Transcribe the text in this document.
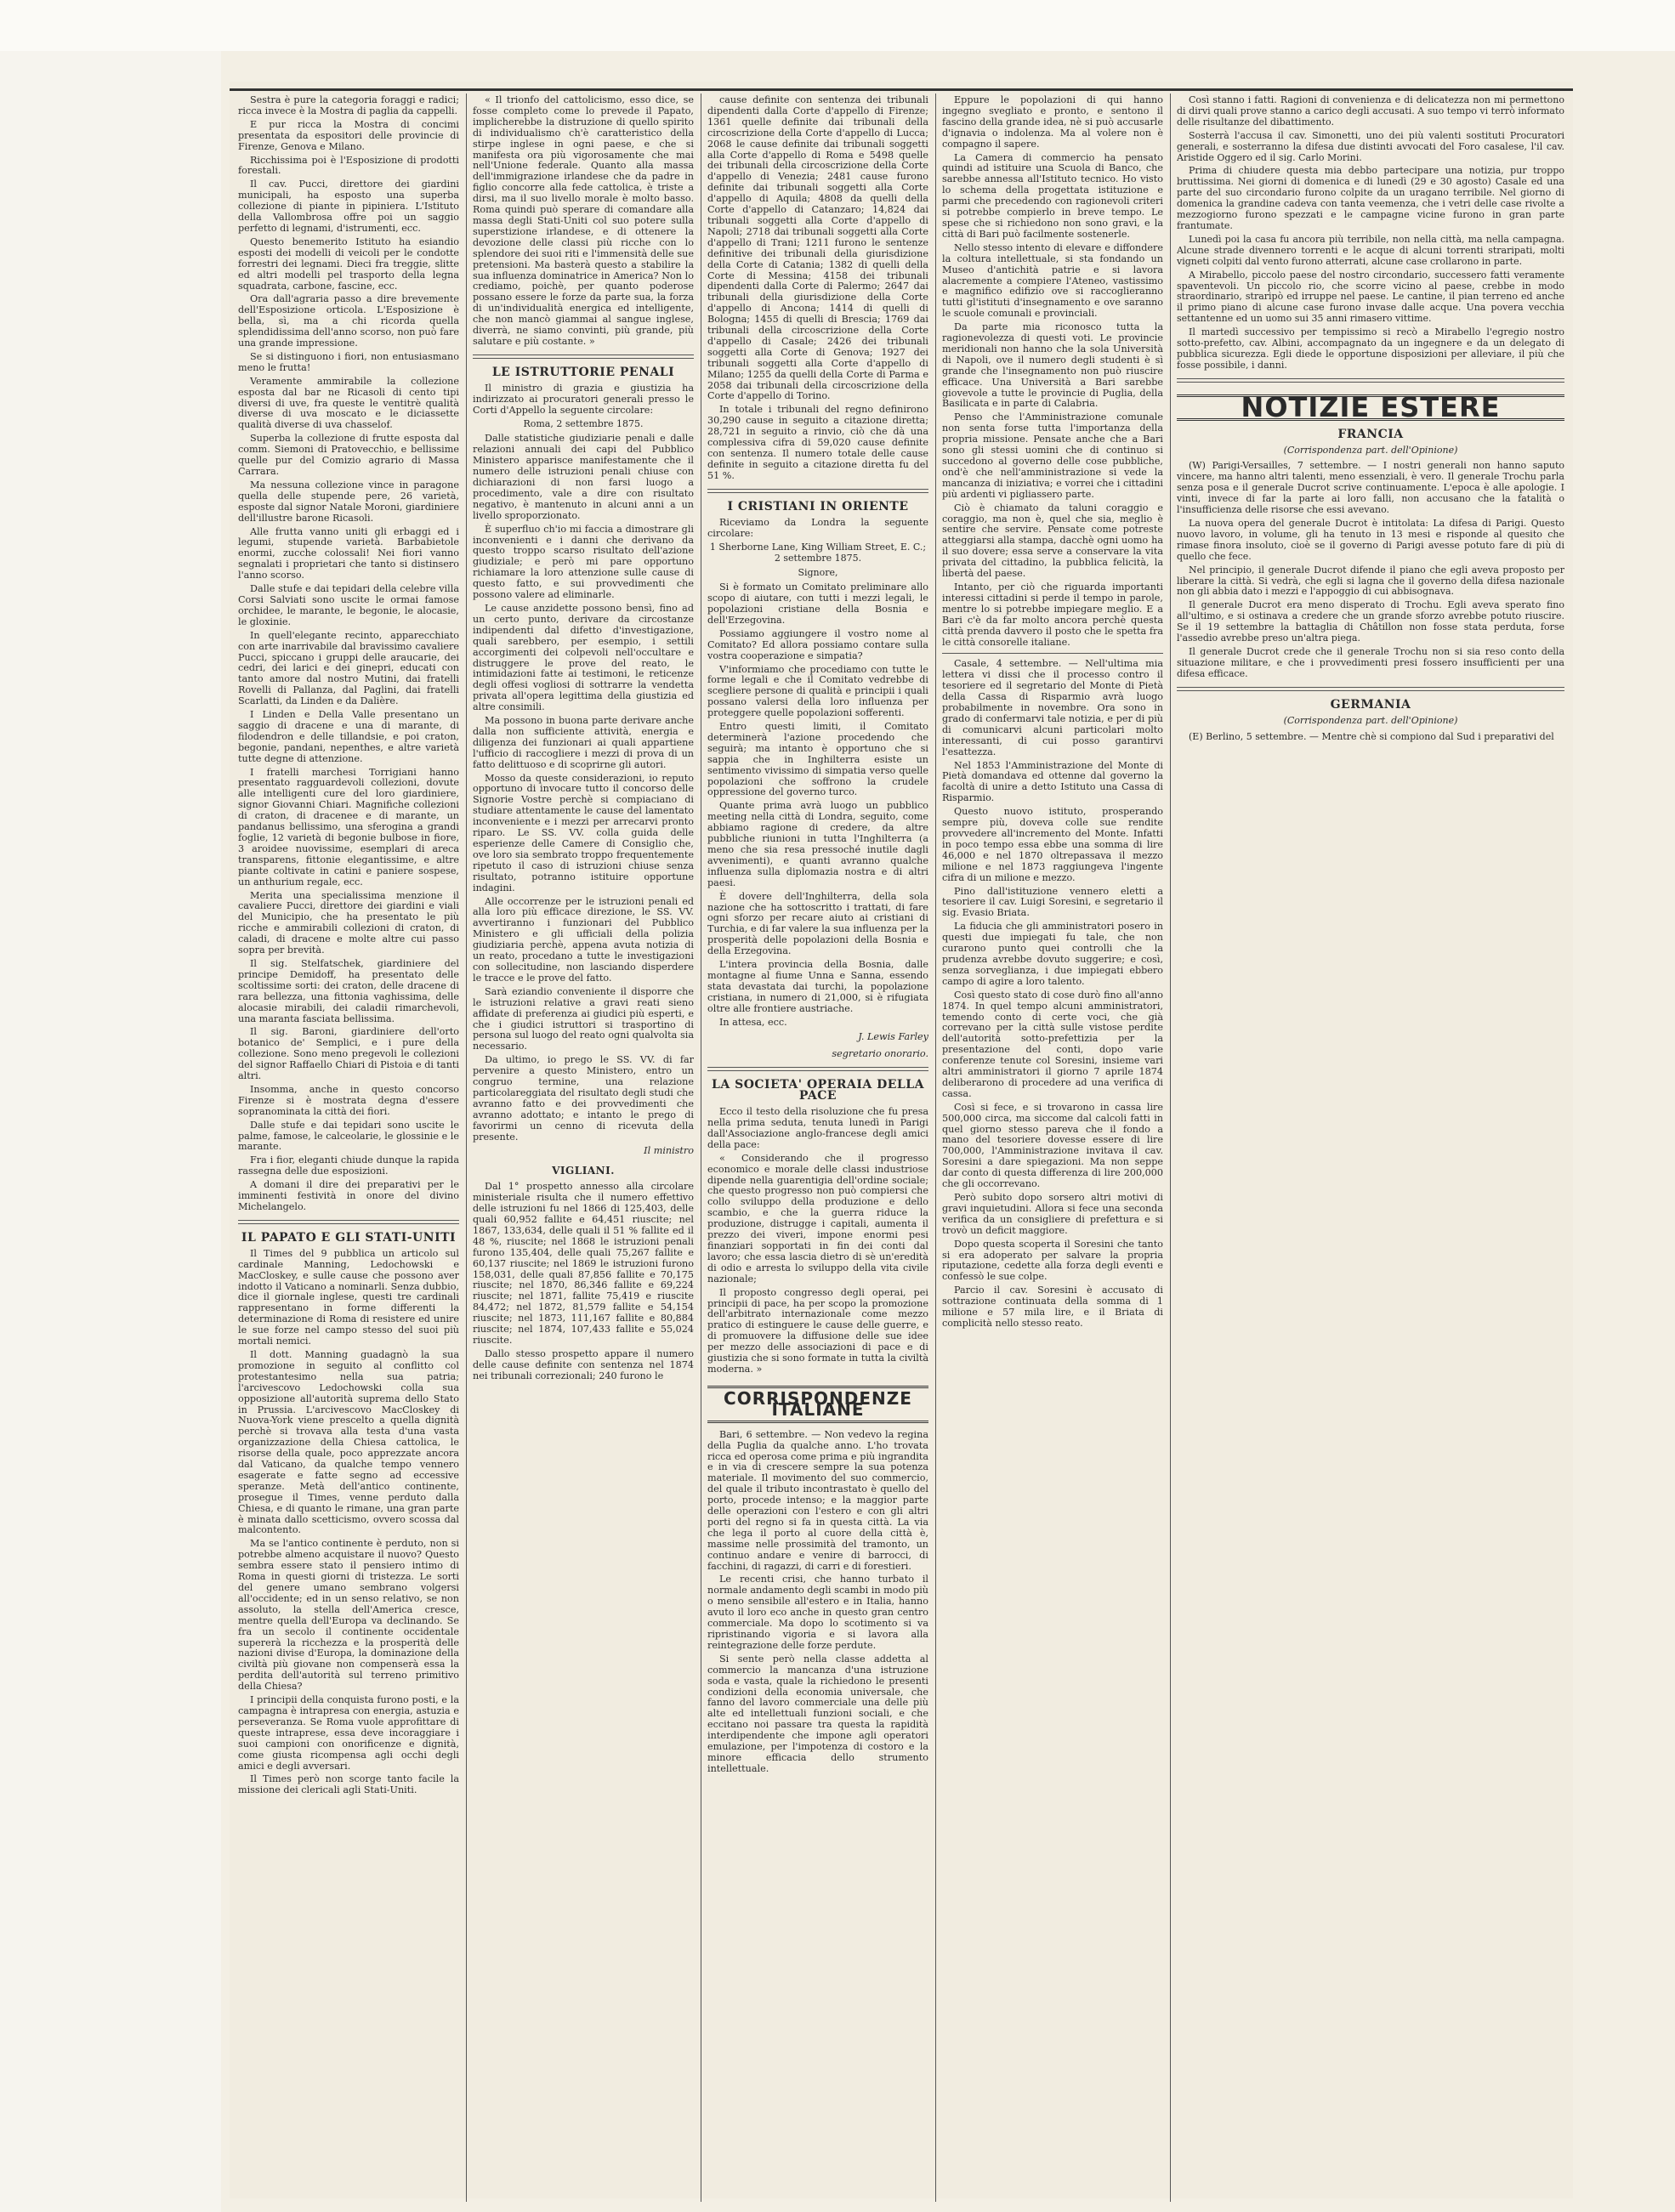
Sestra è pure la categoria foraggi e radici; ricca invece è la Mostra di paglia da cappelli.

E pur ricca la Mostra di concimi presentata da espositori delle provincie di Firenze, Genova e Milano.

Ricchissima poi è l'Esposizione di prodotti forestali.

Il cav. Pucci, direttore dei giardini municipali, ha esposto una superba collezione di piante in pipiniera. L'Istituto della Vallombrosa offre poi un saggio perfetto di legnami, d'istrumenti, ecc.

Questo benemerito Istituto ha esiandio esposti dei modelli di veicoli per le condotte forrestri dei legnami. Dieci fra treggie, slitte ed altri modelli pel trasporto della legna squadrata, carbone, fascine, ecc.

Ora dall'agraria passo a dire brevemente dell'Esposizione orticola. L'Esposizione è bella, sì, ma a chi ricorda quella splendidissima dell'anno scorso, non può fare una grande impressione.

Se si distinguono i fiori, non entusiasmano meno le frutta!

Veramente ammirabile la collezione esposta dal bar ne Ricasoli di cento tipi diversi di uve, fra queste le ventitrè qualità diverse di uva moscato e le diciassette qualità diverse di uva chasselof.

Superba la collezione di frutte esposta dal comm. Siemoni di Pratovecchio, e bellissime quelle pur del Comizio agrario di Massa Carrara.

Ma nessuna collezione vince in paragone quella delle stupende pere, 26 varietà, esposte dal signor Natale Moroni, giardiniere dell'illustre barone Ricasoli.

Alle frutta vanno uniti gli erbaggi ed i legumi, stupende varietà. Barbabietole enormi, zucche colossali! Nei fiori vanno segnalati i proprietari che tanto si distinsero l'anno scorso.

Dalle stufe e dai tepidari della celebre villa Corsi Salviati sono uscite le ormai famose orchidee, le marante, le begonie, le alocasie, le gloxinie.

In quell'elegante recinto, apparecchiato con arte inarrivabile dal bravissimo cavaliere Pucci, spiccano i gruppi delle araucarie, dei cedri, dei larici e dei ginepri, educati con tanto amore dal nostro Mutini, dai fratelli Rovelli di Pallanza, dal Paglini, dai fratelli Scarlatti, da Linden e da Dalière.

I Linden e Della Valle presentano un saggio di dracene e una di marante, di filodendron e delle tillandsie, e poi craton, begonie, pandani, nepenthes, e altre varietà tutte degne di attenzione.

I fratelli marchesi Torrigiani hanno presentato ragguardevoli collezioni, dovute alle intelligenti cure del loro giardiniere, signor Giovanni Chiari. Magnifiche collezioni di craton, di dracenee e di marante, un pandanus bellissimo, una sferogina a grandi foglie, 12 varietà di begonie bulbose in fiore, 3 aroidee nuovissime, esemplari di areca transparens, fittonie elegantissime, e altre piante coltivate in catini e paniere sospese, un anthurium regale, ecc.

Merita una specialissima menzione il cavaliere Pucci, direttore dei giardini e viali del Municipio, che ha presentato le più ricche e ammirabili collezioni di craton, di caladi, di dracene e molte altre cui passo sopra per brevità.

Il sig. Stelfatschek, giardiniere del principe Demidoff, ha presentato delle scoltissime sorti: dei craton, delle dracene di rara bellezza, una fittonia vaghissima, delle alocasie mirabili, dei caladii rimarchevoli, una maranta fasciata bellissima.

Il sig. Baroni, giardiniere dell'orto botanico de' Semplici, e i pure della collezione. Sono meno pregevoli le collezioni del signor Raffaello Chiari di Pistoia e di tanti altri.

Insomma, anche in questo concorso Firenze si è mostrata degna d'essere sopranominata la città dei fiori.

Dalle stufe e dai tepidari sono uscite le palme, famose, le calceolarie, le glossinie e le marante.

Fra i fior, eleganti chiude dunque la rapida rassegna delle due esposizioni.

A domani il dire dei preparativi per le imminenti festività in onore del divino Michelangelo.

IL PAPATO E GLI STATI-UNITI

Il Times del 9 pubblica un articolo sul cardinale Manning, Ledochowski e MacCloskey, e sulle cause che possono aver indotto il Vaticano a nominarli. Senza dubbio, dice il giornale inglese, questi tre cardinali rappresentano in forme differenti la determinazione di Roma di resistere ed unire le sue forze nel campo stesso del suoi più mortali nemici.

Il dott. Manning guadagnò la sua promozione in seguito al conflitto col protestantesimo nella sua patria; l'arcivescovo Ledochowski colla sua opposizione all'autorità suprema dello Stato in Prussia. L'arcivescovo MacCloskey di Nuova-York viene prescelto a quella dignità perchè si trovava alla testa d'una vasta organizzazione della Chiesa cattolica, le risorse della quale, poco apprezzate ancora dal Vaticano, da qualche tempo vennero esagerate e fatte segno ad eccessive speranze. Metà dell'antico continente, prosegue il Times, venne perduto dalla Chiesa, e di quanto le rimane, una gran parte è minata dallo scetticismo, ovvero scossa dal malcontento.

Ma se l'antico continente è perduto, non si potrebbe almeno acquistare il nuovo? Questo sembra essere stato il pensiero intimo di Roma in questi giorni di tristezza. Le sorti del genere umano sembrano volgersi all'occidente; ed in un senso relativo, se non assoluto, la stella dell'America cresce, mentre quella dell'Europa va declinando. Se fra un secolo il continente occidentale supererà la ricchezza e la prosperità delle nazioni divise d'Europa, la dominazione della civiltà più giovane non compenserà essa la perdita dell'autorità sul terreno primitivo della Chiesa?

I principii della conquista furono posti, e la campagna è intrapresa con energia, astuzia e perseveranza. Se Roma vuole approfittare di queste intraprese, essa deve incoraggiare i suoi campioni con onorificenze e dignità, come giusta ricompensa agli occhi degli amici e degli avversari.

Il Times però non scorge tanto facile la missione dei clericali agli Stati-Uniti.

« Il trionfo del cattolicismo, esso dice, se fosse completo come lo prevede il Papato, implicherebbe la distruzione di quello spirito di individualismo ch'è caratteristico della stirpe inglese in ogni paese, e che si manifesta ora più vigorosamente che mai nell'Unione federale. Quanto alla massa dell'immigrazione irlandese che da padre in figlio concorre alla fede cattolica, è triste a dirsi, ma il suo livello morale è molto basso. Roma quindi può sperare di comandare alla massa degli Stati-Uniti col suo potere sulla superstizione irlandese, e di ottenere la devozione delle classi più ricche con lo splendore dei suoi riti e l'immensità delle sue pretensioni. Ma basterà questo a stabilire la sua influenza dominatrice in America? Non lo crediamo, poichè, per quanto poderose possano essere le forze da parte sua, la forza di un'individualità energica ed intelligente, che non mancò giammai al sangue inglese, diverrà, ne siamo convinti, più grande, più salutare e più costante. »

LE ISTRUTTORIE PENALI

Il ministro di grazia e giustizia ha indirizzato ai procuratori generali presso le Corti d'Appello la seguente circolare:

Roma, 2 settembre 1875.

Dalle statistiche giudiziarie penali e dalle relazioni annuali dei capi del Pubblico Ministero apparisce manifestamente che il numero delle istruzioni penali chiuse con dichiarazioni di non farsi luogo a procedimento, vale a dire con risultato negativo, è mantenuto in alcuni anni a un livello sproporzionato.

È superfluo ch'io mi faccia a dimostrare gli inconvenienti e i danni che derivano da questo troppo scarso risultato dell'azione giudiziale; e però mi pare opportuno richiamare la loro attenzione sulle cause di questo fatto, e sui provvedimenti che possono valere ad eliminarle.

Le cause anzidette possono bensì, fino ad un certo punto, derivare da circostanze indipendenti dal difetto d'investigazione, quali sarebbero, per esempio, i settili accorgimenti dei colpevoli nell'occultare e distruggere le prove del reato, le intimidazioni fatte ai testimoni, le reticenze degli offesi vogliosi di sottrarre la vendetta privata all'opera legittima della giustizia ed altre consimili.

Ma possono in buona parte derivare anche dalla non sufficiente attività, energia e diligenza dei funzionari ai quali appartiene l'ufficio di raccogliere i mezzi di prova di un fatto delittuoso e di scoprirne gli autori.

Mosso da queste considerazioni, io reputo opportuno di invocare tutto il concorso delle Signorie Vostre perchè si compiaciano di studiare attentamente le cause del lamentato inconveniente e i mezzi per arrecarvi pronto riparo. Le SS. VV. colla guida delle esperienze delle Camere di Consiglio che, ove loro sia sembrato troppo frequentemente ripetuto il caso di istruzioni chiuse senza risultato, potranno istituire opportune indagini.

Alle occorrenze per le istruzioni penali ed alla loro più efficace direzione, le SS. VV. avvertiranno i funzionari del Pubblico Ministero e gli ufficiali della polizia giudiziaria perchè, appena avuta notizia di un reato, procedano a tutte le investigazioni con sollecitudine, non lasciando disperdere le tracce e le prove del fatto.

Sarà eziandio conveniente il disporre che le istruzioni relative a gravi reati sieno affidate di preferenza ai giudici più esperti, e che i giudici istruttori si trasportino di persona sul luogo del reato ogni qualvolta sia necessario.

Da ultimo, io prego le SS. VV. di far pervenire a questo Ministero, entro un congruo termine, una relazione particolareggiata del risultato degli studi che avranno fatto e dei provvedimenti che avranno adottato; e intanto le prego di favorirmi un cenno di ricevuta della presente.

Il ministro
VIGLIANI.

Dal 1° prospetto annesso alla circolare ministeriale risulta che il numero effettivo delle istruzioni fu nel 1866 di 125,403, delle quali 60,952 fallite e 64,451 riuscite; nel 1867, 133,634, delle quali il 51 % fallite ed il 48 %, riuscite; nel 1868 le istruzioni penali furono 135,404, delle quali 75,267 fallite e 60,137 riuscite; nel 1869 le istruzioni furono 158,031, delle quali 87,856 fallite e 70,175 riuscite; nel 1870, 86,346 fallite e 69,224 riuscite; nel 1871, fallite 75,419 e riuscite 84,472; nel 1872, 81,579 fallite e 54,154 riuscite; nel 1873, 111,167 fallite e 80,884 riuscite; nel 1874, 107,433 fallite e 55,024 riuscite.

Dallo stesso prospetto appare il numero delle cause definite con sentenza nel 1874 nei tribunali correzionali; 240 furono le

cause definite con sentenza dei tribunali dipendenti dalla Corte d'appello di Firenze; 1361 quelle definite dai tribunali della circoscrizione della Corte d'appello di Lucca; 2068 le cause definite dai tribunali soggetti alla Corte d'appello di Roma e 5498 quelle dei tribunali della circoscrizione della Corte d'appello di Venezia; 2481 cause furono definite dai tribunali soggetti alla Corte d'appello di Aquila; 4808 da quelli della Corte d'appello di Catanzaro; 14,824 dai tribunali soggetti alla Corte d'appello di Napoli; 2718 dai tribunali soggetti alla Corte d'appello di Trani; 1211 furono le sentenze definitive dei tribunali della giurisdizione della Corte di Catania; 1382 di quelli della Corte di Messina; 4158 dei tribunali dipendenti dalla Corte di Palermo; 2647 dai tribunali della giurisdizione della Corte d'appello di Ancona; 1414 di quelli di Bologna; 1455 di quelli di Brescia; 1769 dai tribunali della circoscrizione della Corte d'appello di Casale; 2426 dei tribunali soggetti alla Corte di Genova; 1927 dei tribunali soggetti alla Corte d'appello di Milano; 1255 da quelli della Corte di Parma e 2058 dai tribunali della circoscrizione della Corte d'appello di Torino.

In totale i tribunali del regno definirono 30,290 cause in seguito a citazione diretta; 28,721 in seguito a rinvio, ciò che dà una complessiva cifra di 59,020 cause definite con sentenza. Il numero totale delle cause definite in seguito a citazione diretta fu del 51 %.

I CRISTIANI IN ORIENTE

Riceviamo da Londra la seguente circolare:

1 Sherborne Lane, King William Street, E. C.; 2 settembre 1875.
Signore,

Si è formato un Comitato preliminare allo scopo di aiutare, con tutti i mezzi legali, le popolazioni cristiane della Bosnia e dell'Erzegovina.

Possiamo aggiungere il vostro nome al Comitato? Ed allora possiamo contare sulla vostra cooperazione e simpatia?

V'informiamo che procediamo con tutte le forme legali e che il Comitato vedrebbe di scegliere persone di qualità e principii i quali possano valersi della loro influenza per proteggere quelle popolazioni sofferenti.

Entro questi limiti, il Comitato determinerà l'azione procedendo che seguirà; ma intanto è opportuno che si sappia che in Inghilterra esiste un sentimento vivissimo di simpatia verso quelle popolazioni che soffrono la crudele oppressione del governo turco.

Quante prima avrà luogo un pubblico meeting nella città di Londra, seguito, come abbiamo ragione di credere, da altre pubbliche riunioni in tutta l'Inghilterra (a meno che sia resa pressoché inutile dagli avvenimenti), e quanti avranno qualche influenza sulla diplomazia nostra e di altri paesi.

È dovere dell'Inghilterra, della sola nazione che ha sottoscritto i trattati, di fare ogni sforzo per recare aiuto ai cristiani di Turchia, e di far valere la sua influenza per la prosperità delle popolazioni della Bosnia e della Erzegovina.

L'intera provincia della Bosnia, dalle montagne al fiume Unna e Sanna, essendo stata devastata dai turchi, la popolazione cristiana, in numero di 21,000, si è rifugiata oltre alle frontiere austriache.

In attesa, ecc.

J. Lewis Farley
segretario onorario.
LA SOCIETA' OPERAIA DELLA PACE

Ecco il testo della risoluzione che fu presa nella prima seduta, tenuta lunedì in Parigi dall'Associazione anglo-francese degli amici della pace:

« Considerando che il progresso economico e morale delle classi industriose dipende nella guarentigia dell'ordine sociale; che questo progresso non può compiersi che collo sviluppo della produzione e dello scambio, e che la guerra riduce la produzione, distrugge i capitali, aumenta il prezzo dei viveri, impone enormi pesi finanziari sopportati in fin dei conti dal lavoro; che essa lascia dietro di sè un'eredità di odio e arresta lo sviluppo della vita civile nazionale;

Il proposto congresso degli operai, pei principii di pace, ha per scopo la promozione dell'arbitrato internazionale come mezzo pratico di estinguere le cause delle guerre, e di promuovere la diffusione delle sue idee per mezzo delle associazioni di pace e di giustizia che si sono formate in tutta la civiltà moderna. »

CORRISPONDENZE ITALIANE

Bari, 6 settembre. — Non vedevo la regina della Puglia da qualche anno. L'ho trovata ricca ed operosa come prima e più ingrandita e in via di crescere sempre la sua potenza materiale. Il movimento del suo commercio, del quale il tributo incontrastato è quello del porto, procede intenso; e la maggior parte delle operazioni con l'estero e con gli altri porti del regno si fa in questa città. La via che lega il porto al cuore della città è, massime nelle prossimità del tramonto, un continuo andare e venire di barrocci, di facchini, di ragazzi, di carri e di forestieri.

Le recenti crisi, che hanno turbato il normale andamento degli scambi in modo più o meno sensibile all'estero e in Italia, hanno avuto il loro eco anche in questo gran centro commerciale. Ma dopo lo scotimento si va ripristinando vigoria e si lavora alla reintegrazione delle forze perdute.

Si sente però nella classe addetta al commercio la mancanza d'una istruzione soda e vasta, quale la richiedono le presenti condizioni della economia universale, che fanno del lavoro commerciale una delle più alte ed intellettuali funzioni sociali, e che eccitano noi passare tra questa la rapidità interdipendente che impone agli operatori emulazione, per l'impotenza di costoro e la minore efficacia dello strumento intellettuale.

Eppure le popolazioni di qui hanno ingegno svegliato e pronto, e sentono il fascino della grande idea, nè si può accusarle d'ignavia o indolenza. Ma al volere non è compagno il sapere.

La Camera di commercio ha pensato quindi ad istituire una Scuola di Banco, che sarebbe annessa all'Istituto tecnico. Ho visto lo schema della progettata istituzione e parmi che precedendo con ragionevoli criteri si potrebbe compierlo in breve tempo. Le spese che si richiedono non sono gravi, e la città di Bari può facilmente sostenerle.

Nello stesso intento di elevare e diffondere la coltura intellettuale, si sta fondando un Museo d'antichità patrie e si lavora alacremente a compiere l'Ateneo, vastissimo e magnifico edifizio ove si raccoglieranno tutti gl'istituti d'insegnamento e ove saranno le scuole comunali e provinciali.

Da parte mia riconosco tutta la ragionevolezza di questi voti. Le provincie meridionali non hanno che la sola Università di Napoli, ove il numero degli studenti è sì grande che l'insegnamento non può riuscire efficace. Una Università a Bari sarebbe giovevole a tutte le provincie di Puglia, della Basilicata e in parte di Calabria.

Penso che l'Amministrazione comunale non senta forse tutta l'importanza della propria missione. Pensate anche che a Bari sono gli stessi uomini che di continuo si succedono al governo delle cose pubbliche, ond'è che nell'amministrazione si vede la mancanza di iniziativa; e vorrei che i cittadini più ardenti vi pigliassero parte.

Ciò è chiamato da taluni coraggio e coraggio, ma non è, quel che sia, meglio è sentire che servire. Pensate come potreste atteggiarsi alla stampa, dacchè ogni uomo ha il suo dovere; essa serve a conservare la vita privata del cittadino, la pubblica felicità, la libertà del paese.

Intanto, per ciò che riguarda importanti interessi cittadini si perde il tempo in parole, mentre lo si potrebbe impiegare meglio. E a Bari c'è da far molto ancora perchè questa città prenda davvero il posto che le spetta fra le città consorelle italiane.

Casale, 4 settembre. — Nell'ultima mia lettera vi dissi che il processo contro il tesoriere ed il segretario del Monte di Pietà della Cassa di Risparmio avrà luogo probabilmente in novembre. Ora sono in grado di confermarvi tale notizia, e per di più di comunicarvi alcuni particolari molto interessanti, di cui posso garantirvi l'esattezza.

Nel 1853 l'Amministrazione del Monte di Pietà domandava ed ottenne dal governo la facoltà di unire a detto Istituto una Cassa di Risparmio.

Questo nuovo istituto, prosperando sempre più, doveva colle sue rendite provvedere all'incremento del Monte. Infatti in poco tempo essa ebbe una somma di lire 46,000 e nel 1870 oltrepassava il mezzo milione e nel 1873 raggiungeva l'ingente cifra di un milione e mezzo.

Pino dall'istituzione vennero eletti a tesoriere il cav. Luigi Soresini, e segretario il sig. Evasio Briata.

La fiducia che gli amministratori posero in questi due impiegati fu tale, che non curarono punto quei controlli che la prudenza avrebbe dovuto suggerire; e così, senza sorveglianza, i due impiegati ebbero campo di agire a loro talento.

Così questo stato di cose durò fino all'anno 1874. In quel tempo alcuni amministratori, temendo conto di certe voci, che già correvano per la città sulle vistose perdite dell'autorità sotto-prefettizia per la presentazione del conti, dopo varie conferenze tenute col Soresini, insieme vari altri amministratori il giorno 7 aprile 1874 deliberarono di procedere ad una verifica di cassa.

Così si fece, e si trovarono in cassa lire 500,000 circa, ma siccome dal calcoli fatti in quel giorno stesso pareva che il fondo a mano del tesoriere dovesse essere di lire 700,000, l'Amministrazione invitava il cav. Soresini a dare spiegazioni. Ma non seppe dar conto di questa differenza di lire 200,000 che gli occorrevano.

Però subito dopo sorsero altri motivi di gravi inquietudini. Allora si fece una seconda verifica da un consigliere di prefettura e si trovò un deficit maggiore.

Dopo questa scoperta il Soresini che tanto si era adoperato per salvare la propria riputazione, cedette alla forza degli eventi e confessò le sue colpe.

Parcio il cav. Soresini è accusato di sottrazione continuata della somma di 1 milione e 57 mila lire, e il Briata di complicità nello stesso reato.

Così stanno i fatti. Ragioni di convenienza e di delicatezza non mi permettono di dirvi quali prove stanno a carico degli accusati. A suo tempo vi terrò informato delle risultanze del dibattimento.

Sosterrà l'accusa il cav. Simonetti, uno dei più valenti sostituti Procuratori generali, e sosterranno la difesa due distinti avvocati del Foro casalese, l'il cav. Aristide Oggero ed il sig. Carlo Morini.

Prima di chiudere questa mia debbo partecipare una notizia, pur troppo bruttissima. Nei giorni di domenica e di lunedì (29 e 30 agosto) Casale ed una parte del suo circondario furono colpite da un uragano terribile. Nel giorno di domenica la grandine cadeva con tanta veemenza, che i vetri delle case rivolte a mezzogiorno furono spezzati e le campagne vicine furono in gran parte frantumate.

Lunedì poi la casa fu ancora più terribile, non nella città, ma nella campagna. Alcune strade divennero torrenti e le acque di alcuni torrenti straripati, molti vigneti colpiti dal vento furono atterrati, alcune case crollarono in parte.

A Mirabello, piccolo paese del nostro circondario, successero fatti veramente spaventevoli. Un piccolo rio, che scorre vicino al paese, crebbe in modo straordinario, straripò ed irruppe nel paese. Le cantine, il pian terreno ed anche il primo piano di alcune case furono invase dalle acque. Una povera vecchia settantenne ed un uomo sui 35 anni rimasero vittime.

Il martedì successivo per tempissimo si recò a Mirabello l'egregio nostro sotto-prefetto, cav. Albini, accompagnato da un ingegnere e da un delegato di pubblica sicurezza. Egli diede le opportune disposizioni per alleviare, il più che fosse possibile, i danni.

NOTIZIE ESTERE
FRANCIA
(Corrispondenza part. dell'Opinione)

(W) Parigi-Versailles, 7 settembre. — I nostri generali non hanno saputo vincere, ma hanno altri talenti, meno essenziali, è vero. Il generale Trochu parla senza posa e il generale Ducrot scrive continuamente. L'epoca è alle apologie. I vinti, invece di far la parte ai loro falli, non accusano che la fatalità o l'insufficienza delle risorse che essi avevano.

La nuova opera del generale Ducrot è intitolata: La difesa di Parigi. Questo nuovo lavoro, in volume, gli ha tenuto in 13 mesi e risponde al quesito che rimase finora insoluto, cioè se il governo di Parigi avesse potuto fare di più di quello che fece.

Nel principio, il generale Ducrot difende il piano che egli aveva proposto per liberare la città. Si vedrà, che egli si lagna che il governo della difesa nazionale non gli abbia dato i mezzi e l'appoggio di cui abbisognava.

Il generale Ducrot era meno disperato di Trochu. Egli aveva sperato fino all'ultimo, e si ostinava a credere che un grande sforzo avrebbe potuto riuscire. Se il 19 settembre la battaglia di Châtillon non fosse stata perduta, forse l'assedio avrebbe preso un'altra piega.

Il generale Ducrot crede che il generale Trochu non si sia reso conto della situazione militare, e che i provvedimenti presi fossero insufficienti per una difesa efficace.

GERMANIA
(Corrispondenza part. dell'Opinione)

(E) Berlino, 5 settembre. — Mentre chè si compiono dal Sud i preparativi del
